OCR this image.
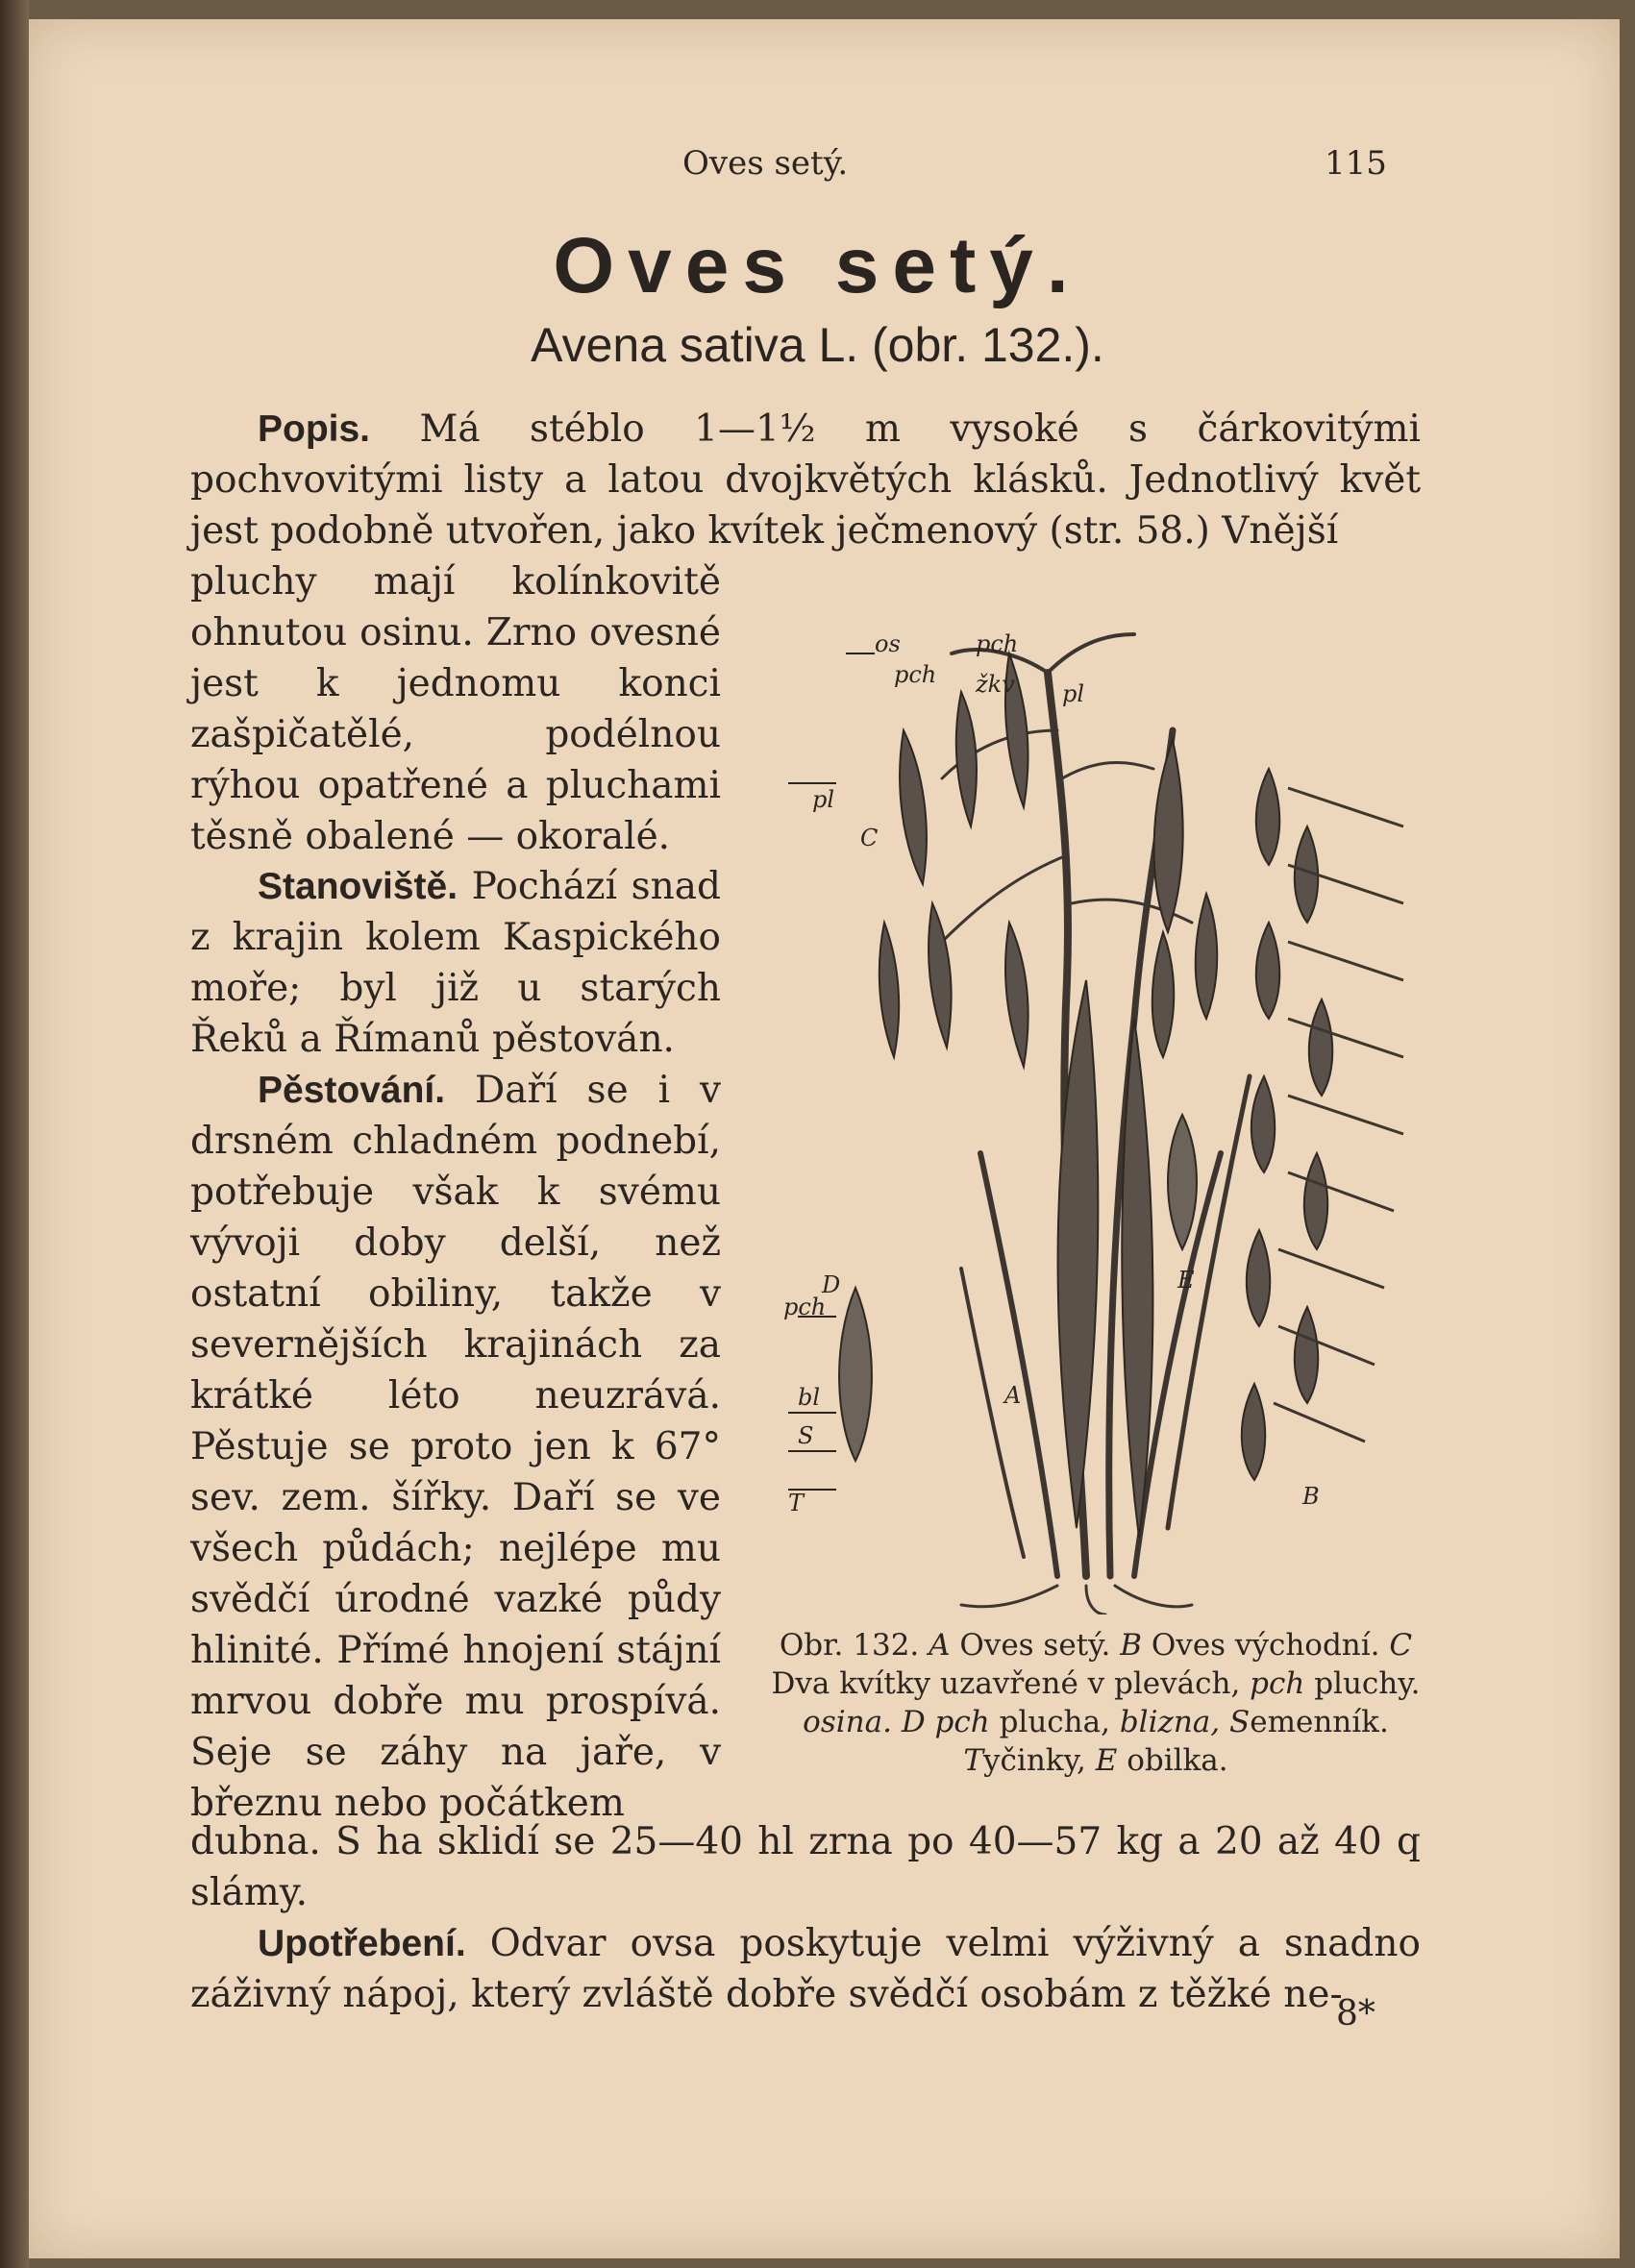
Oves setý.	115
Oves setý.
Avena sativa L. (obr. 132.).
Popis. Má stéblo 1—1½ m vysoké s čárkovitými pochvovitými listy a latou dvojkvětých klásků. Jednotlivý květ jest podobně utvořen, jako kvítek ječmenový (str. 58.) Vnější
pluchy mají kolínkovitě ohnutou osinu. Zrno ovesné jest k jednomu konci zašpičatělé, podélnou rýhou opatřené a pluchami těsně obalené — okoralé.
Stanoviště. Pochází snad z krajin kolem Kaspického moře; byl již u starých Řeků a Římanů pěstován.
Pěstování. Daří se i v drsném chladném podnebí, potřebuje však k svému vývoji doby delší, než ostatní obiliny, takže v severnějších krajinách za krátké léto neuzrává. Pěstuje se proto jen k 67° sev. zem. šířky. Daří se ve všech půdách; nejlépe mu svědčí úrodné vazké půdy hlinité. Přímé hnojení stájní mrvou dobře mu prospívá. Seje se záhy na jaře, v březnu nebo počátkem
dubna. S ha sklidí se 25—40 hl zrna po 40—57 kg a 20 až 40 q slámy.
Upotřebení. Odvar ovsa poskytuje velmi výživný a snadno záživný nápoj, který zvláště dobře svědčí osobám z těžké ne-
8*
os	pch
pch žkv pl
pl
C
D
pch
bl
S
T
A
B
E
Obr. 132. A Oves setý. B Oves východní. C Dva kvítky uzavřené v plevách, pch pluchy. osina. D pch plucha, blizna, Semenník. Tyčinky, E obilka.
